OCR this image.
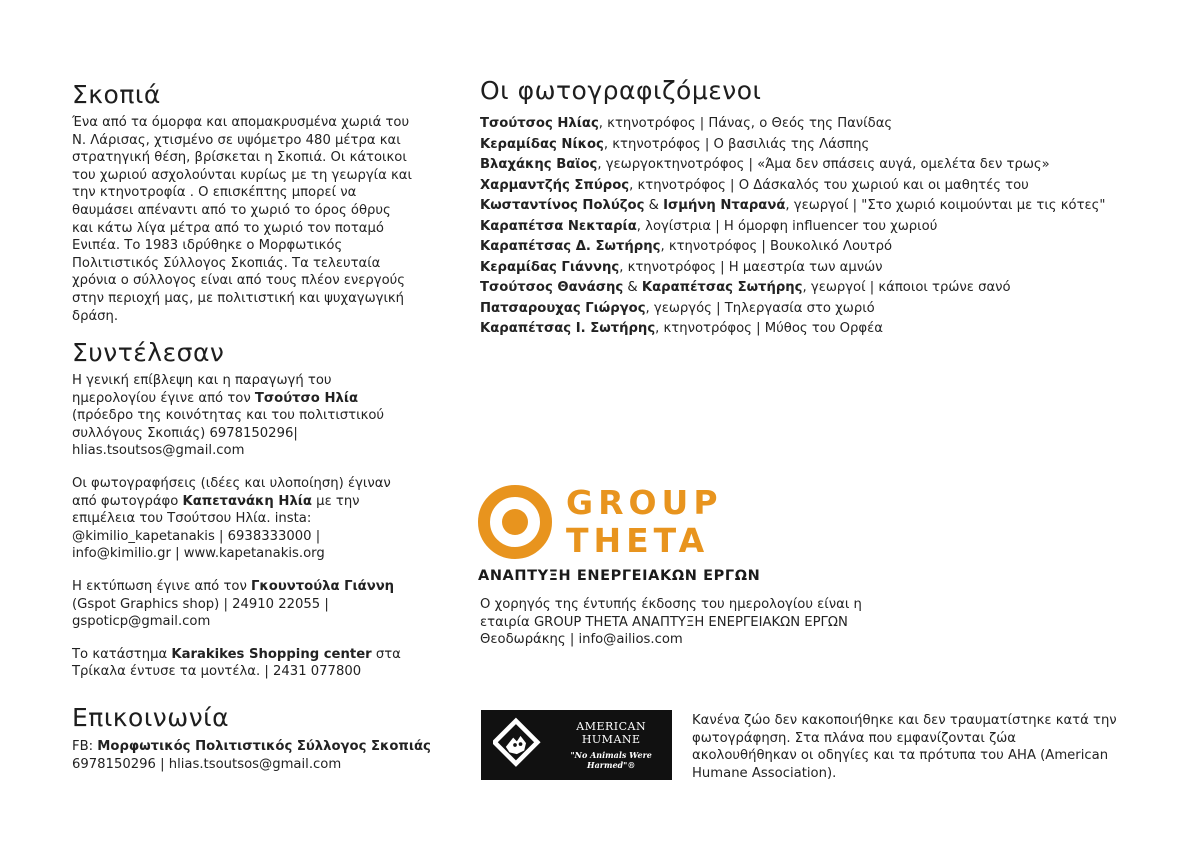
Σκοπιά
Ένα από τα όμορφα και απομακρυσμένα χωριά του Ν. Λάρισας, χτισμένο σε υψόμετρο 480 μέτρα και στρατηγική θέση, βρίσκεται η Σκοπιά. Οι κάτοικοι του χωριού ασχολούνται κυρίως με τη γεωργία και την κτηνοτροφία . Ο επισκέπτης μπορεί να θαυμάσει απέναντι από το χωριό το όρος όθρυς και κάτω λίγα μέτρα από το χωριό τον ποταμό Ενιπέα. Το 1983 ιδρύθηκε ο Μορφωτικός Πολιτιστικός Σύλλογος Σκοπιάς. Τα τελευταία χρόνια ο σύλλογος είναι από τους πλέον ενεργούς στην περιοχή μας, με πολιτιστική και ψυχαγωγική δράση.
Συντέλεσαν

Η γενική επίβλεψη και η παραγωγή του ημερολογίου έγινε από τον Τσούτσο Ηλία (πρόεδρο της κοινότητας και του πολιτιστικού συλλόγους Σκοπιάς) 6978150296| hlias.tsoutsos@gmail.com

Οι φωτογραφήσεις (ιδέες και υλοποίηση) έγιναν από φωτογράφο Καπετανάκη Ηλία με την επιμέλεια του Τσούτσου Ηλία. insta: @kimilio_kapetanakis | 6938333000 | info@kimilio.gr | www.kapetanakis.org

Η εκτύπωση έγινε από τον Γκουντούλα Γιάννη (Gspot Graphics shop) | 24910 22055 | gspoticp@gmail.com

Το κατάστημα Karakikes Shopping center στα Τρίκαλα έντυσε τα μοντέλα. | 2431 077800

Επικοινωνία
FB: Μορφωτικός Πολιτιστικός Σύλλογος Σκοπιάς
6978150296 | hlias.tsoutsos@gmail.com
Οι φωτογραφιζόμενοι
Τσούτσος Ηλίας, κτηνοτρόφος | Πάνας, ο Θεός της Πανίδας
Κεραμίδας Νίκος, κτηνοτρόφος | Ο βασιλιάς της Λάσπης
Βλαχάκης Βαϊος, γεωργοκτηνοτρόφος | «Άμα δεν σπάσεις αυγά, ομελέτα δεν τρως»
Χαρμαντζής Σπύρος, κτηνοτρόφος | Ο Δάσκαλός του χωριού και οι μαθητές του
Κωσταντίνος Πολύζος & Ισμήνη Νταρανά, γεωργοί | "Στο χωριό κοιμούνται με τις κότες"
Καραπέτσα Νεκταρία, λογίστρια | Η όμορφη influencer του χωριού
Καραπέτσας Δ. Σωτήρης, κτηνοτρόφος | Βουκολικό Λουτρό
Κεραμίδας Γιάννης, κτηνοτρόφος | Η μαεστρία των αμνών
Τσούτσος Θανάσης & Καραπέτσας Σωτήρης, γεωργοί | κάποιοι τρώνε σανό
Πατσαρουχας Γιώργος, γεωργός | Τηλεργασία στο χωριό
Καραπέτσας Ι. Σωτήρης, κτηνοτρόφος | Μύθος του Ορφέα
GROUP
THETA
ΑΝΑΠΤΥΞΗ ΕΝΕΡΓΕΙΑΚΩΝ ΕΡΓΩΝ
Ο χορηγός της έντυπής έκδοσης του ημερολογίου είναι η εταιρία GROUP THETA ΑΝΑΠΤΥΞΗ ΕΝΕΡΓΕΙΑΚΩΝ ΕΡΓΩΝ Θεοδωράκης | info@ailios.com
AMERICAN HUMANE
"No Animals Were Harmed"®
Κανένα ζώο δεν κακοποιήθηκε και δεν τραυματίστηκε κατά την φωτογράφηση. Στα πλάνα που εμφανίζονται ζώα ακολουθήθηκαν οι οδηγίες και τα πρότυπα του AHA (American Humane Association).
